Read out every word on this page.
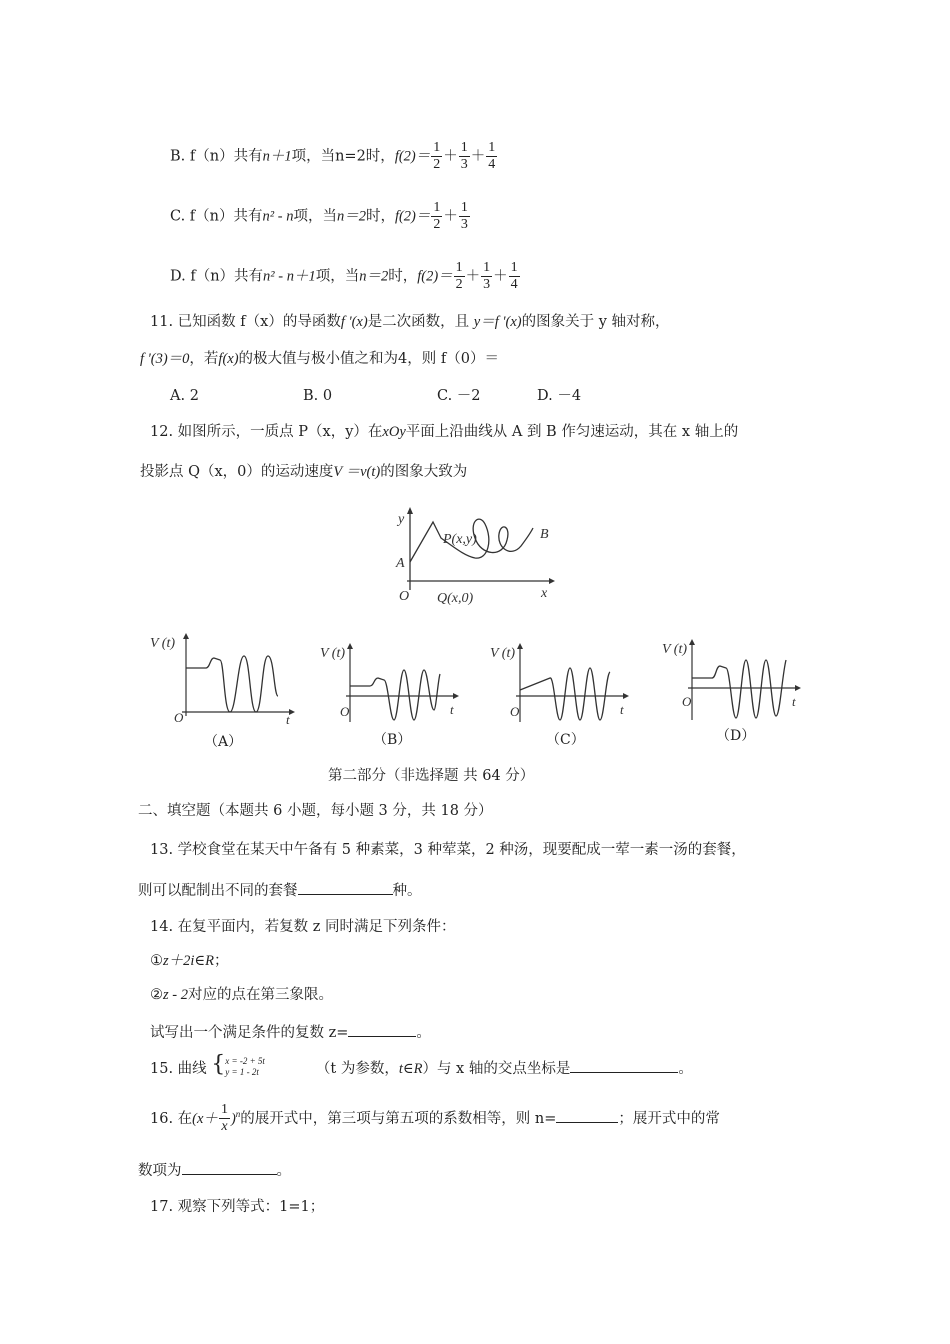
B. f（n）共有n＋1项，当n=2时，$f(2)= \frac{1}{2} + \frac{1}{3} + \frac{1}{4}$
C. f（n）共有n² - n项，当n＝2时，$f(2)= \frac{1}{2} + \frac{1}{3}$
D. f（n）共有n² - n＋1项，当n＝2时，$f(2)= \frac{1}{2} + \frac{1}{3} + \frac{1}{4}$
11. 已知函数 f（x）的导函数f '(x)是二次函数，且 y＝f '(x)的图象关于 y 轴对称，
f '(3)＝0，若f(x)的极大值与极小值之和为4，则 f（0）＝
A. 2	B. 0	C. －2	D. －4
12. 如图所示，一质点 P（x，y）在xOy平面上沿曲线从 A 到 B 作匀速运动，其在 x 轴上的
投影点 Q（x，0）的运动速度V ＝v(t)的图象大致为
y
P(x,y)	B
A
O Q(x,0)	x
V (t)
O	t
（A）
V (t)
O	t
（B）
V (t)
O	t
（C）
V (t)
O	t
（D）
第二部分（非选择题 共 64 分）
二、填空题（本题共 6 小题，每小题 3 分，共 18 分）
13. 学校食堂在某天中午备有 5 种素菜，3 种荤菜，2 种汤，现要配成一荤一素一汤的套餐，
则可以配制出不同的套餐	种。
14. 在复平面内，若复数 z 同时满足下列条件：
①z＋2i∈R；
②z - 2对应的点在第三象限。
试写出一个满足条件的复数 z=	。
15. 曲线 { x = -2 + 5t
y = 1 - 2t	（t 为参数，t∈R）与 x 轴的交点坐标是	。
16. 在$(x+ \frac{1}{x} )^n$的展开式中，第三项与第五项的系数相等，则 n=	；展开式中的常
数项为	。
17. 观察下列等式：1=1；
